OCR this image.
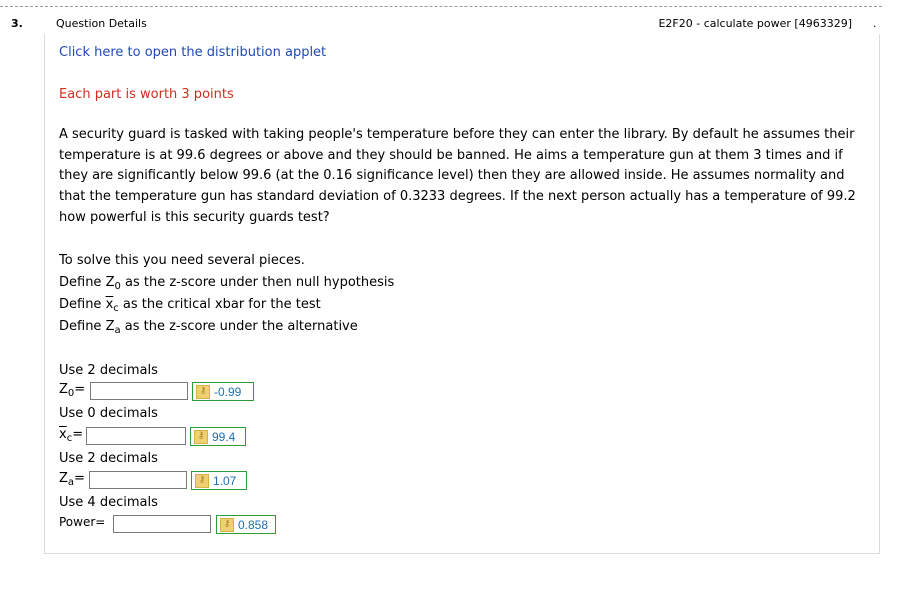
3.	Question Details	E2F20 - calculate power [4963329] .
Click here to open the distribution applet
Each part is worth 3 points
A security guard is tasked with taking people's temperature before they can enter the library. By default he assumes their temperature is at 99.6 degrees or above and they should be banned. He aims a temperature gun at them 3 times and if they are significantly below 99.6 (at the 0.16 significance level) then they are allowed inside. He assumes normality and that the temperature gun has standard deviation of 0.3233 degrees. If the next person actually has a temperature of 99.2 how powerful is this security guards test?
To solve this you need several pieces.
Define $Z_0$ as the z-score under then null hypothesis
Define $\overline{x}_c$ as the critical xbar for the test
Define $Z_a$ as the z-score under the alternative
Use 2 decimals
$Z_0=$	⚷ -0.99
Use 0 decimals
$\overline{x}_c=$	⚷ 99.4
Use 2 decimals
$Z_a=$	⚷ 1.07
Use 4 decimals
Power=	⚷ 0.858
